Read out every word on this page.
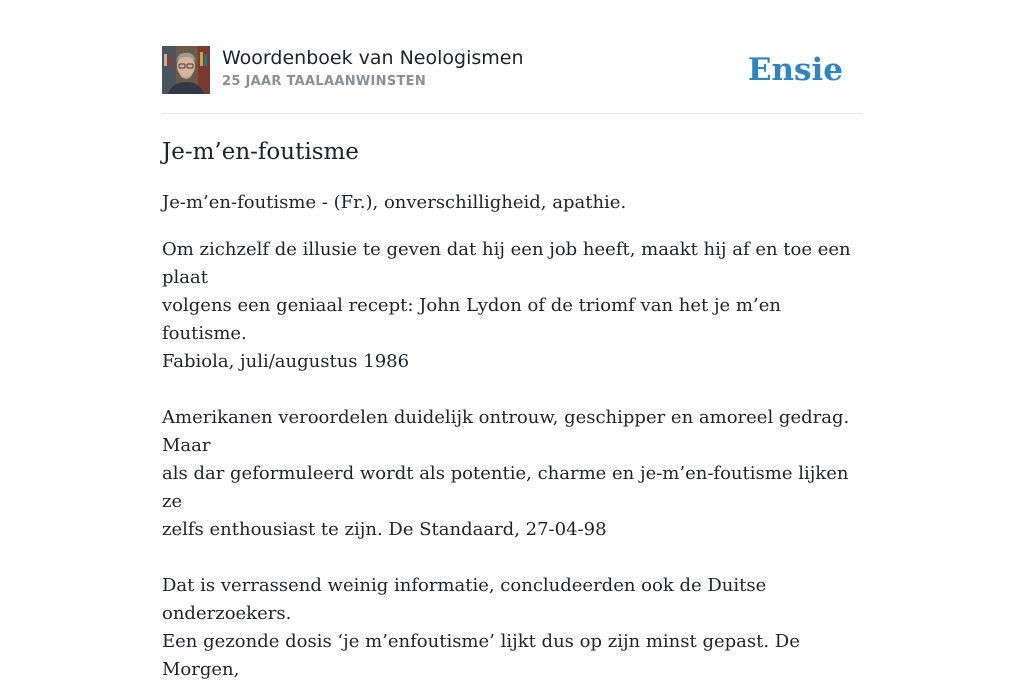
Woordenboek van Neologismen
25 JAAR TAALAANWINSTEN	Ensie
Je-m’en-foutisme

Je-m’en-foutisme - (Fr.), onverschilligheid, apathie.

Om zichzelf de illusie te geven dat hij een job heeft, maakt hij af en toe een plaat
volgens een geniaal recept: John Lydon of de triomf van het je m’en foutisme.
Fabiola, juli/augustus 1986

Amerikanen veroordelen duidelijk ontrouw, geschipper en amoreel gedrag. Maar
als dar geformuleerd wordt als potentie, charme en je-m’en-foutisme lijken ze
zelfs enthousiast te zijn. De Standaard, 27-04-98

Dat is verrassend weinig informatie, concludeerden ook de Duitse onderzoekers.
Een gezonde dosis ‘je m’enfoutisme’ lijkt dus op zijn minst gepast. De Morgen,
